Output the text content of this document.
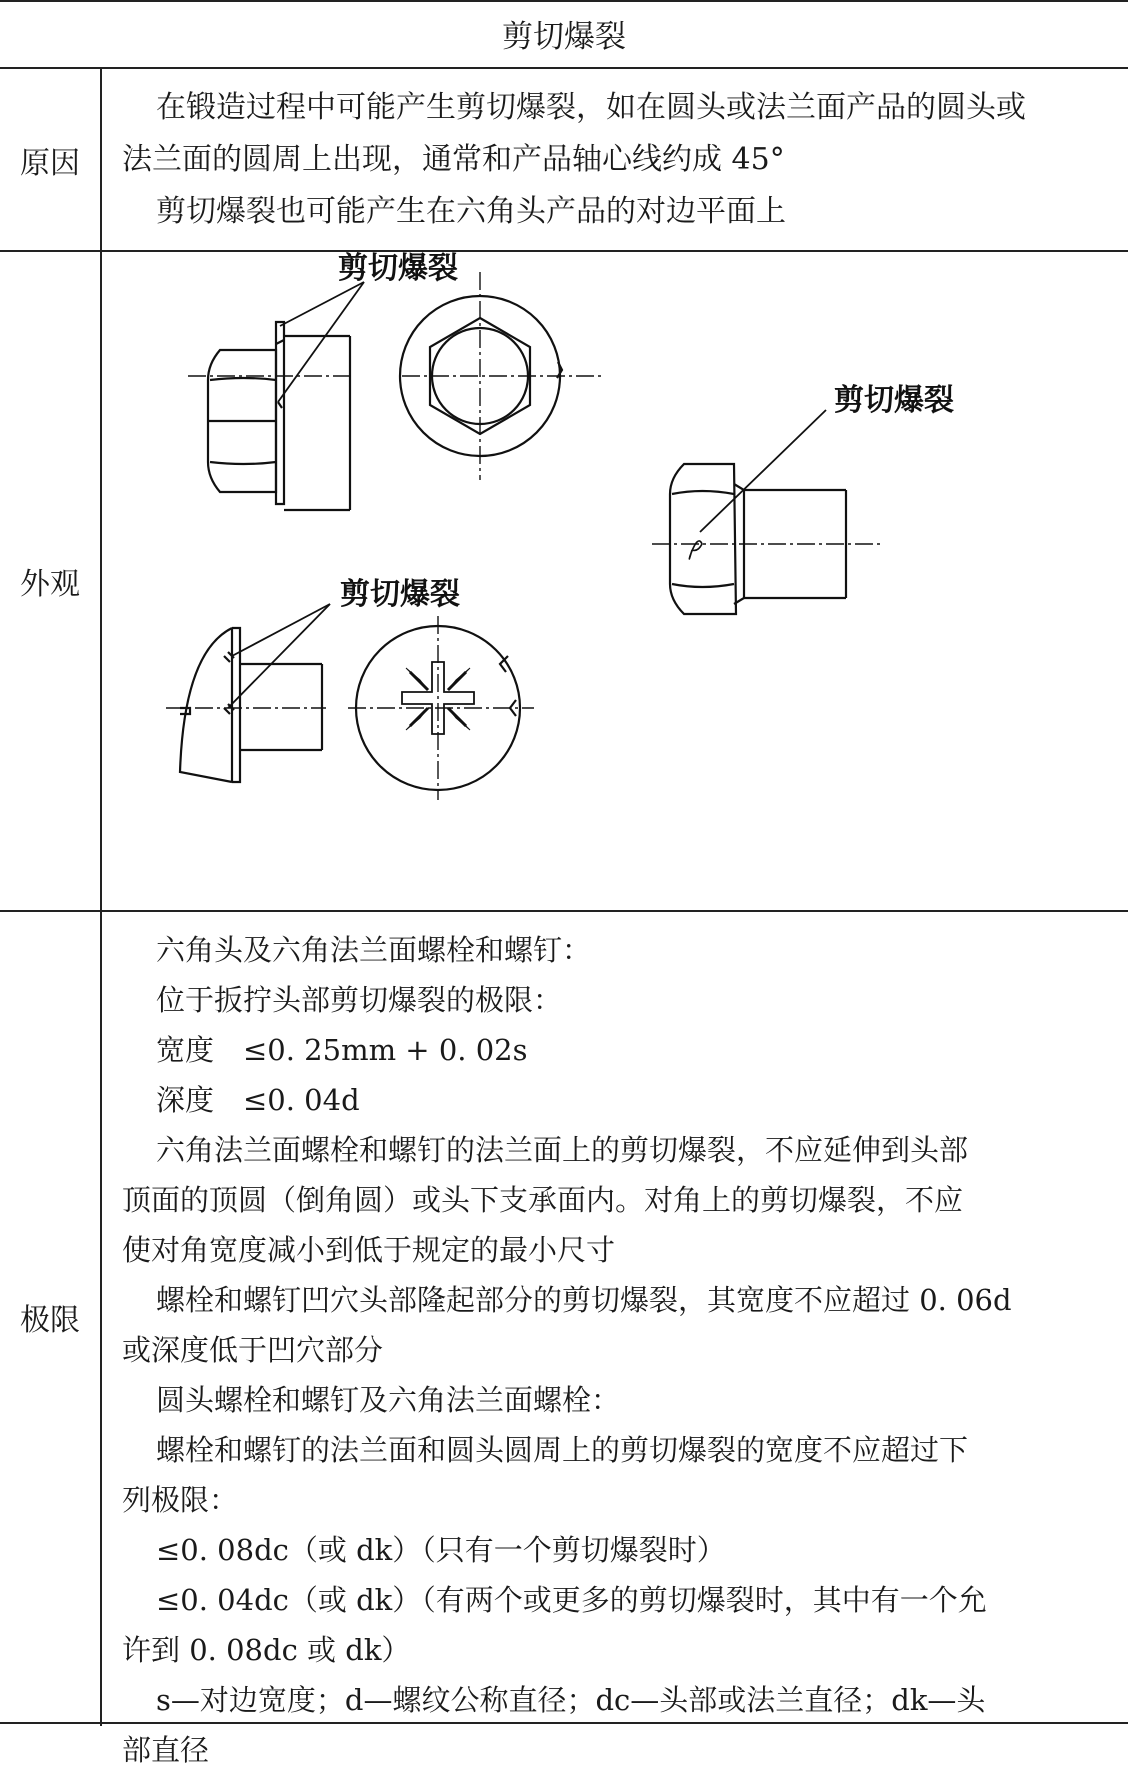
剪切爆裂
原因

在锻造过程中可能产生剪切爆裂，如在圆头或法兰面产品的圆头或

法兰面的圆周上出现，通常和产品轴心线约成 45°

剪切爆裂也可能产生在六角头产品的对边平面上

外观
剪切爆裂
剪切爆裂
剪切爆裂
极限

六角头及六角法兰面螺栓和螺钉：

位于扳拧头部剪切爆裂的极限：

宽度　≤0. 25mm + 0. 02s

深度　≤0. 04d

六角法兰面螺栓和螺钉的法兰面上的剪切爆裂，不应延伸到头部

顶面的顶圆（倒角圆）或头下支承面内。对角上的剪切爆裂，不应

使对角宽度减小到低于规定的最小尺寸

螺栓和螺钉凹穴头部隆起部分的剪切爆裂，其宽度不应超过 0. 06d

或深度低于凹穴部分

圆头螺栓和螺钉及六角法兰面螺栓：

螺栓和螺钉的法兰面和圆头圆周上的剪切爆裂的宽度不应超过下

列极限：

≤0. 08dc（或 dk）（只有一个剪切爆裂时）

≤0. 04dc（或 dk）（有两个或更多的剪切爆裂时，其中有一个允

许到 0. 08dc 或 dk）

s—对边宽度；d—螺纹公称直径；dc—头部或法兰直径；dk—头

部直径
